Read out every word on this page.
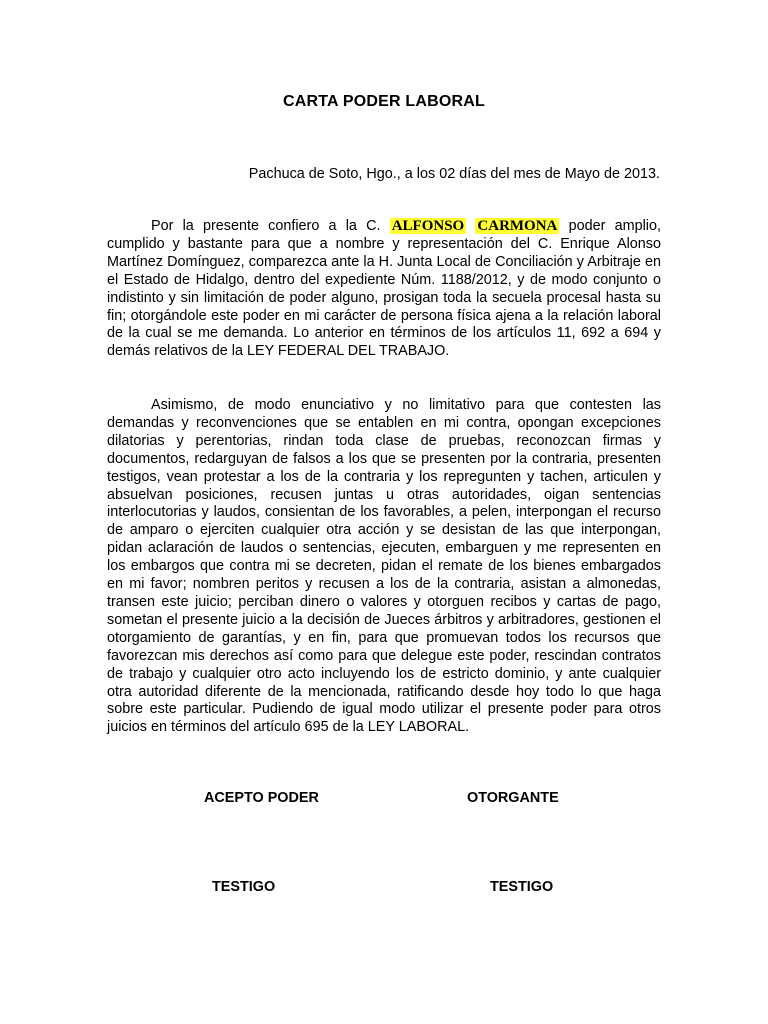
CARTA PODER LABORAL
Pachuca de Soto, Hgo., a los 02 días del mes de Mayo de 2013.

Por la presente confiero a la C. ALFONSO CARMONA poder amplio, cumplido y bastante para que a nombre y representación del C. Enrique Alonso Martínez Domínguez, comparezca ante la H. Junta Local de Conciliación y Arbitraje en el Estado de Hidalgo, dentro del expediente Núm. 1188/2012, y de modo conjunto o indistinto y sin limitación de poder alguno, prosigan toda la secuela procesal hasta su fin; otorgándole este poder en mi carácter de persona física ajena a la relación laboral de la cual se me demanda. Lo anterior en términos de los artículos 11, 692 a 694 y demás relativos de la LEY FEDERAL DEL TRABAJO.

Asimismo, de modo enunciativo y no limitativo para que contesten las demandas y reconvenciones que se entablen en mi contra, opongan excepciones dilatorias y perentorias, rindan toda clase de pruebas, reconozcan firmas y documentos, redarguyan de falsos a los que se presenten por la contraria, presenten testigos, vean protestar a los de la contraria y los repregunten y tachen, articulen y absuelvan posiciones, recusen juntas u otras autoridades, oigan sentencias interlocutorias y laudos, consientan de los favorables, a pelen, interpongan el recurso de amparo o ejerciten cualquier otra acción y se desistan de las que interpongan, pidan aclaración de laudos o sentencias, ejecuten, embarguen y me representen en los embargos que contra mi se decreten, pidan el remate de los bienes embargados en mi favor; nombren peritos y recusen a los de la contraria, asistan a almonedas, transen este juicio; perciban dinero o valores y otorguen recibos y cartas de pago, sometan el presente juicio a la decisión de Jueces árbitros y arbitradores, gestionen el otorgamiento de garantías, y en fin, para que promuevan todos los recursos que favorezcan mis derechos así como para que delegue este poder, rescindan contratos de trabajo y cualquier otro acto incluyendo los de estricto dominio, y ante cualquier otra autoridad diferente de la mencionada, ratificando desde hoy todo lo que haga sobre este particular. Pudiendo de igual modo utilizar el presente poder para otros juicios en términos del artículo 695 de la LEY LABORAL.

ACEPTO PODER	OTORGANTE
TESTIGO	TESTIGO
